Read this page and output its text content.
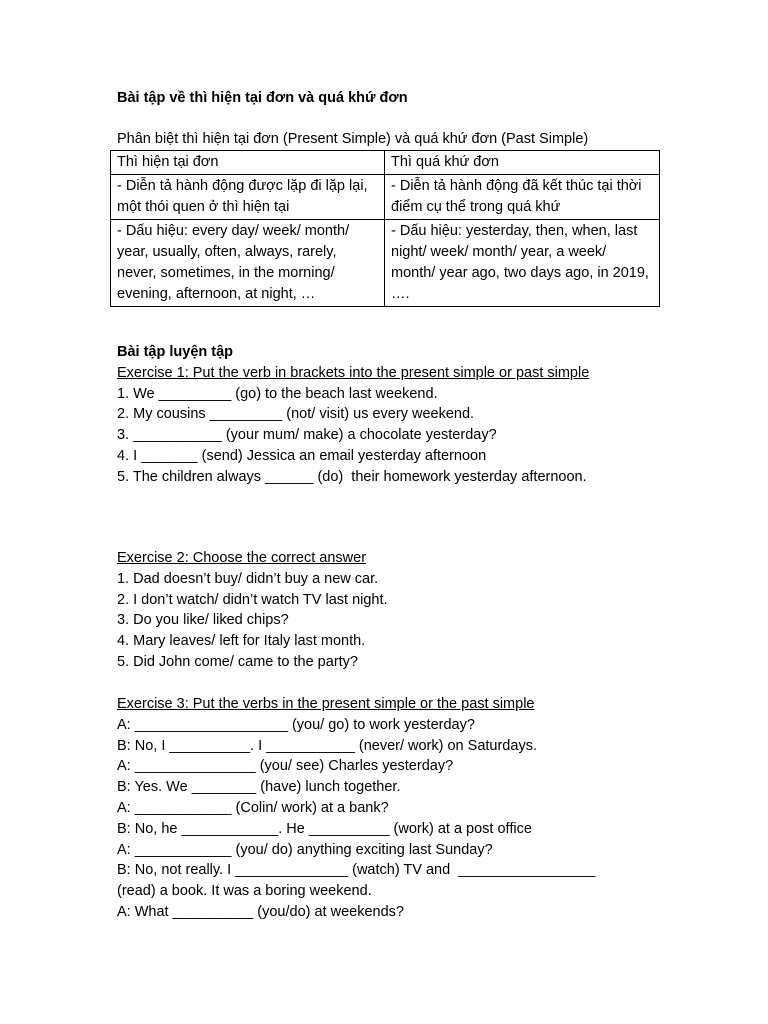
Bài tập về thì hiện tại đơn và quá khứ đơn
Phân biệt thì hiện tại đơn (Present Simple) và quá khứ đơn (Past Simple)
Thì hiện tại đơn	Thì quá khứ đơn
- Diễn tả hành động được lặp đi lặp lại, một thói quen ở thì hiện tại	- Diễn tả hành động đã kết thúc tại thời điểm cụ thể trong quá khứ
- Dấu hiệu: every day/ week/ month/ year, usually, often, always, rarely, never, sometimes, in the morning/ evening, afternoon, at night, …	- Dấu hiệu: yesterday, then, when, last night/ week/ month/ year, a week/ month/ year ago, two days ago, in 2019, ….
Bài tập luyện tập
Exercise 1: Put the verb in brackets into the present simple or past simple
1. We _________ (go) to the beach last weekend.
2. My cousins _________ (not/ visit) us every weekend.
3. ___________ (your mum/ make) a chocolate yesterday?
4. I _______ (send) Jessica an email yesterday afternoon
5. The children always ______ (do)  their homework yesterday afternoon.
Exercise 2: Choose the correct answer
1. Dad doesn’t buy/ didn’t buy a new car.
2. I don’t watch/ didn’t watch TV last night.
3. Do you like/ liked chips?
4. Mary leaves/ left for Italy last month.
5. Did John come/ came to the party?
Exercise 3: Put the verbs in the present simple or the past simple
A: ___________________ (you/ go) to work yesterday?
B: No, I __________. I ___________ (never/ work) on Saturdays.
A: _______________ (you/ see) Charles yesterday?
B: Yes. We ________ (have) lunch together.
A: ____________ (Colin/ work) at a bank?
B: No, he ____________. He __________ (work) at a post office
A: ____________ (you/ do) anything exciting last Sunday?
B: No, not really. I ______________ (watch) TV and  _________________ (read) a book. It was a boring weekend.
A: What __________ (you/do) at weekends?
